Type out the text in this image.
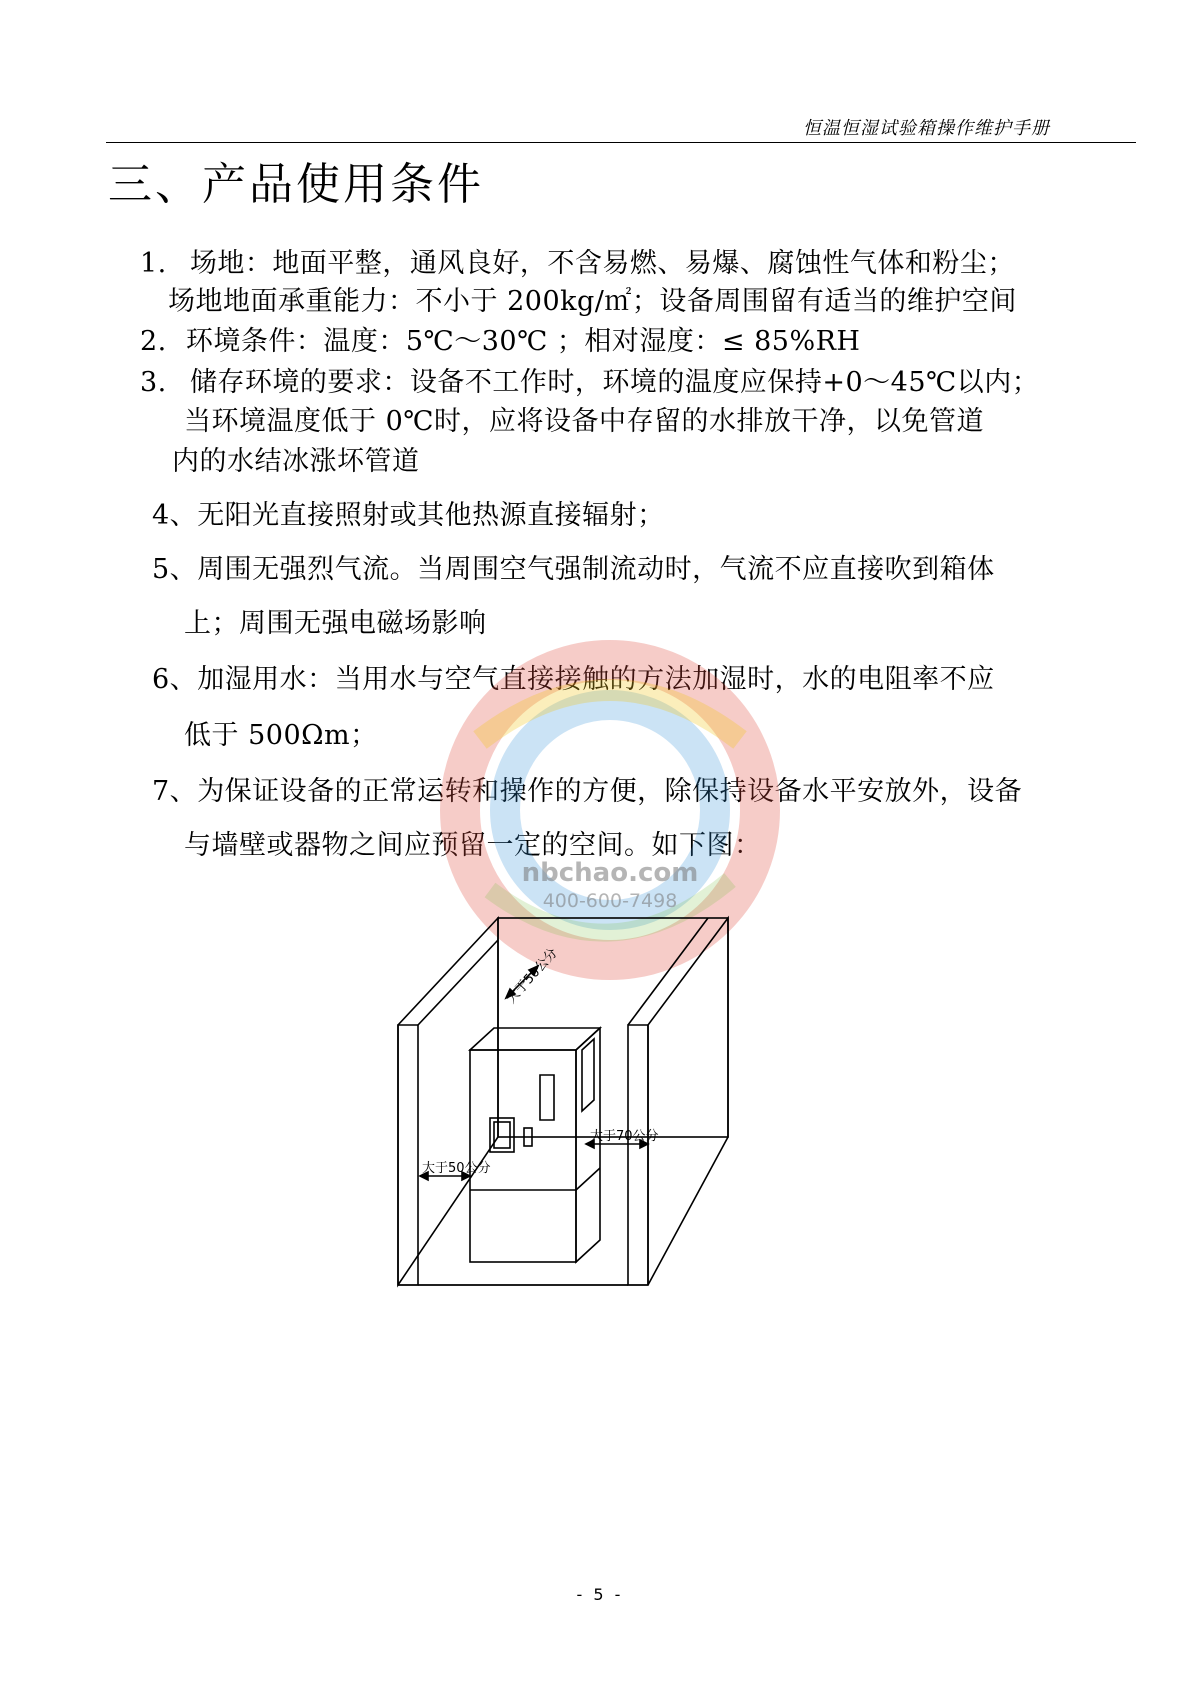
恒温恒湿试验箱操作维护手册
三、产品使用条件
1. 场地：地面平整，通风良好，不含易燃、易爆、腐蚀性气体和粉尘；
场地地面承重能力：不小于 200kg/㎡；设备周围留有适当的维护空间
2. 环境条件：温度：5℃～30℃ ；相对湿度：≤ 85%RH
3. 储存环境的要求：设备不工作时，环境的温度应保持+0～45℃以内；
当环境温度低于 0℃时，应将设备中存留的水排放干净，以免管道
内的水结冰涨坏管道
4、无阳光直接照射或其他热源直接辐射；
5、周围无强烈气流。当周围空气强制流动时，气流不应直接吹到箱体
上；周围无强电磁场影响
6、加湿用水：当用水与空气直接接触的方法加湿时，水的电阻率不应
低于 500Ωm；
7、为保证设备的正常运转和操作的方便，除保持设备水平安放外，设备
与墙壁或器物之间应预留一定的空间。如下图：
nbchao.com
400-600-7498
大于50公分
大于70公分
大于50公分
- 5 -
